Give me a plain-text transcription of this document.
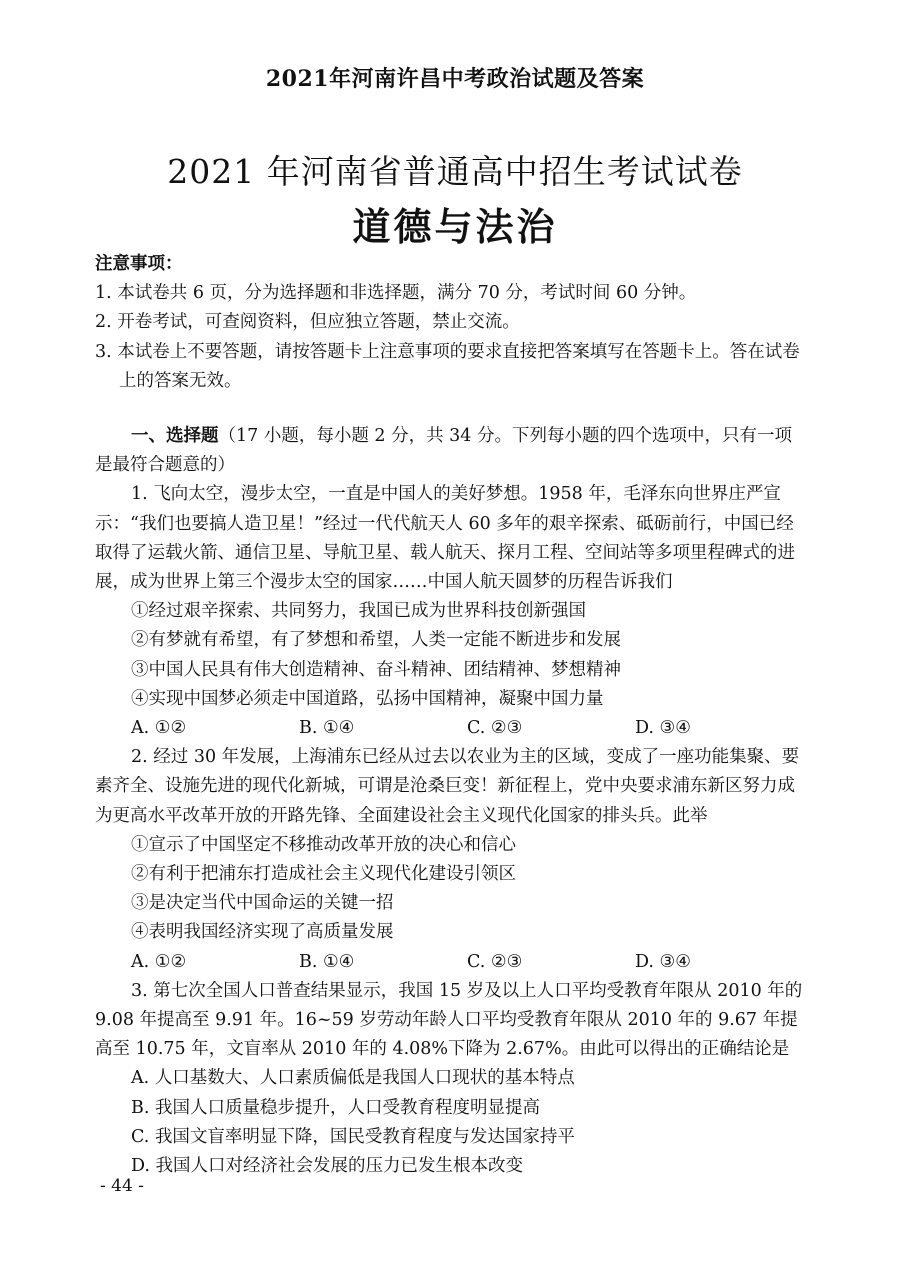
2021年河南许昌中考政治试题及答案
2021 年河南省普通高中招生考试试卷
道德与法治
注意事项：
1. 本试卷共 6 页，分为选择题和非选择题，满分 70 分，考试时间 60 分钟。
2. 开卷考试，可查阅资料，但应独立答题，禁止交流。
3. 本试卷上不要答题，请按答题卡上注意事项的要求直接把答案填写在答题卡上。答在试卷上的答案无效。
一、选择题（17 小题，每小题 2 分，共 34 分。下列每小题的四个选项中，只有一项是最符合题意的）
1. 飞向太空，漫步太空，一直是中国人的美好梦想。1958 年，毛泽东向世界庄严宣示：“我们也要搞人造卫星！”经过一代代航天人 60 多年的艰辛探索、砥砺前行，中国已经取得了运载火箭、通信卫星、导航卫星、载人航天、探月工程、空间站等多项里程碑式的进展，成为世界上第三个漫步太空的国家……中国人航天圆梦的历程告诉我们
①经过艰辛探索、共同努力，我国已成为世界科技创新强国
②有梦就有希望，有了梦想和希望，人类一定能不断进步和发展
③中国人民具有伟大创造精神、奋斗精神、团结精神、梦想精神
④实现中国梦必须走中国道路，弘扬中国精神，凝聚中国力量
A. ①②	B. ①④	C. ②③	D. ③④
2. 经过 30 年发展，上海浦东已经从过去以农业为主的区域，变成了一座功能集聚、要素齐全、设施先进的现代化新城，可谓是沧桑巨变！新征程上，党中央要求浦东新区努力成为更高水平改革开放的开路先锋、全面建设社会主义现代化国家的排头兵。此举
①宣示了中国坚定不移推动改革开放的决心和信心
②有利于把浦东打造成社会主义现代化建设引领区
③是决定当代中国命运的关键一招
④表明我国经济实现了高质量发展
A. ①②	B. ①④	C. ②③	D. ③④
3. 第七次全国人口普查结果显示，我国 15 岁及以上人口平均受教育年限从 2010 年的 9.08 年提高至 9.91 年。16~59 岁劳动年龄人口平均受教育年限从 2010 年的 9.67 年提高至 10.75 年，文盲率从 2010 年的 4.08%下降为 2.67%。由此可以得出的正确结论是
A. 人口基数大、人口素质偏低是我国人口现状的基本特点
B. 我国人口质量稳步提升，人口受教育程度明显提高
C. 我国文盲率明显下降，国民受教育程度与发达国家持平
D. 我国人口对经济社会发展的压力已发生根本改变
- 44 -
